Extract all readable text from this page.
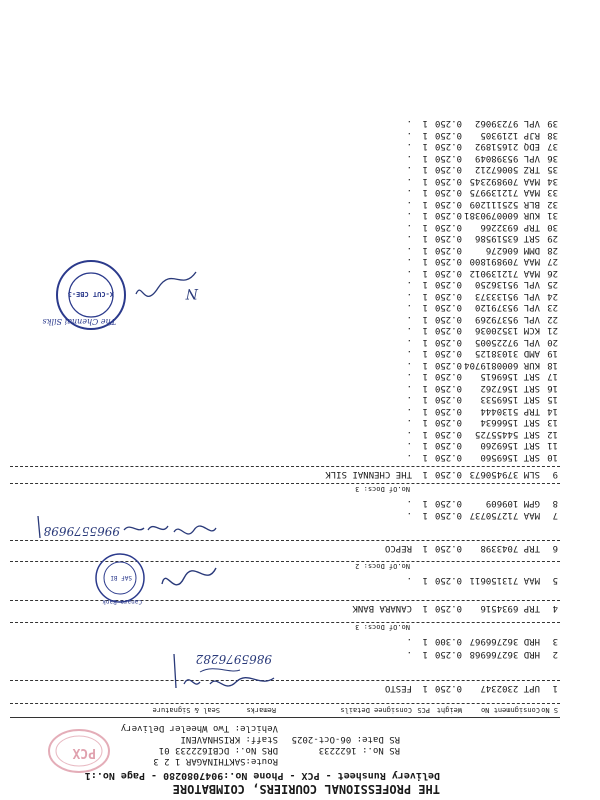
THE PROFESSIONAL COURIERS, COIMBATORE
Delivery Runsheet - PCX - Phone No.:9047080280 - Page No.:1
Route:SAKTHINAGAR 1 2 3
DRS No.: DCBI622233 01
Staff: KRISHNAVENI
Vehicle: Two Wheeler Delivery
RS No.: 1622233
RS Date: 06-Oct-2025
PCX
S No
Consignment No
Weight
PCS
Consignee Details
Remarks
Seal & Signature
1
UPT 2302347
0.250
1
FESTO
2
HRD 362766968
0.250
1
.
3
HRD 362766967
0.300
1
.
No.Of Docs: 3
4
TRP 6934516
0.250
1
CANARA BANK
5
MAA 713150611
0.250
1
.
No.Of Docs: 2
6
TRP 7043398
0.250
1
REPCO
7
MAA 712750737
0.250
1
.
8
GPM 109609
0.250
1
.
No.Of Docs: 3
9
SLM 379450673
0.250
1
THE CHENNAI SILK
10
SRT 1569560
0.250
1
.
11
SRT 1569260
0.250
1
.
12
SRT 54455725
0.250
1
.
13
SRT 1566634
0.250
1
.
14
TRP 5130444
0.250
1
.
15
SRT 1569533
0.250
1
.
16
SRT 1567262
0.250
1
.
17
SRT 1569615
0.250
1
.
18
KUR 6000819704
0.250
1
.
19
AMD 31038125
0.250
1
.
20
VPL 97225005
0.250
1
.
21
KCM 13520036
0.250
1
.
22
VPL 95379269
0.250
1
.
23
VPL 95379120
0.250
1
.
24
VPL 95133373
0.250
1
.
25
VPL 95136250
0.250
1
.
26
MAA 712139012
0.250
1
.
27
MAA 709891800
0.250
1
.
28
DMM 606276
0.250
1
.
29
SRT 63519586
0.250
1
.
30
TRP 6932266
0.250
1
.
31
KUR 6000790381
0.250
1
.
32
BLR 525111209
0.250
1
.
33
MAA 712139975
0.250
1
.
34
MAA 709892345
0.250
1
.
35
TRZ 50067212
0.250
1
.
36
VPL 95398049
0.250
1
.
37
EDQ 21651892
0.250
1
.
38
RJP 1219305
0.250
1
.
39
VPL 97239062
0.250
1
.
9865976282
Canara Bank
SAF BI
9965579698
The Chennai Silks
X-CUT CBE-3	N
